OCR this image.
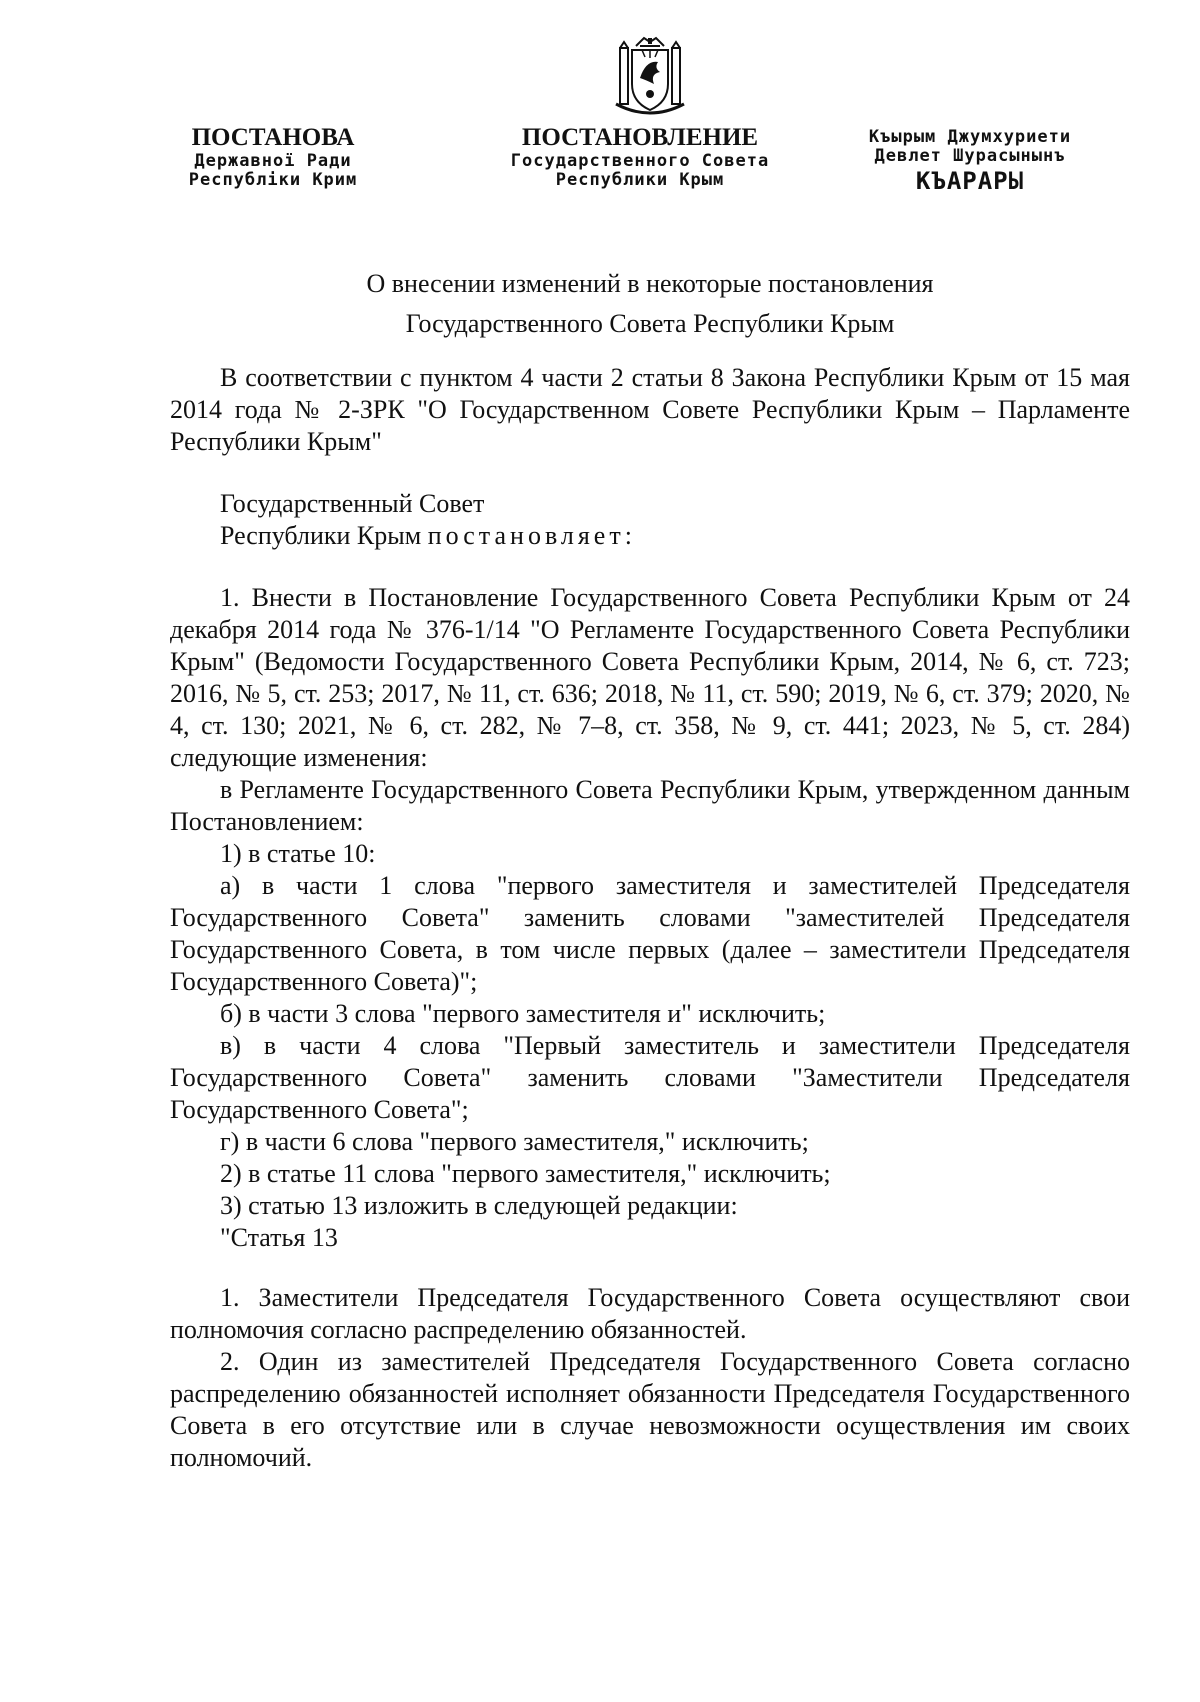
ПОСТАНОВА
Державної Ради
Республіки Крим
ПОСТАНОВЛЕНИЕ
Государственного Совета
Республики Крым
Къырым Джумхуриети
Девлет Шурасынынъ
КЪАРАРЫ
О внесении изменений в некоторые постановления
Государственного Совета Республики Крым

В соответствии с пунктом 4 части 2 статьи 8 Закона Республики Крым от 15 мая 2014 года № 2-ЗРК "О Государственном Совете Республики Крым – Парламенте Республики Крым"

Государственный Совет

Республики Крым постановляет:

1. Внести в Постановление Государственного Совета Республики Крым от 24 декабря 2014 года № 376-1/14 "О Регламенте Государственного Совета Республики Крым" (Ведомости Государственного Совета Республики Крым, 2014, № 6, ст. 723; 2016, № 5, ст. 253; 2017, № 11, ст. 636; 2018, № 11, ст. 590; 2019, № 6, ст. 379; 2020, № 4, ст. 130; 2021, № 6, ст. 282, № 7–8, ст. 358, № 9, ст. 441; 2023, № 5, ст. 284) следующие изменения:

в Регламенте Государственного Совета Республики Крым, утвержденном данным Постановлением:

1) в статье 10:

а) в части 1 слова "первого заместителя и заместителей Председателя Государственного Совета" заменить словами "заместителей Председателя Государственного Совета, в том числе первых (далее – заместители Председателя Государственного Совета)";

б) в части 3 слова "первого заместителя и" исключить;

в) в части 4 слова "Первый заместитель и заместители Председателя Государственного Совета" заменить словами "Заместители Председателя Государственного Совета";

г) в части 6 слова "первого заместителя," исключить;

2) в статье 11 слова "первого заместителя," исключить;

3) статью 13 изложить в следующей редакции:

"Статья 13

1. Заместители Председателя Государственного Совета осуществляют свои полномочия согласно распределению обязанностей.

2. Один из заместителей Председателя Государственного Совета согласно распределению обязанностей исполняет обязанности Председателя Государственного Совета в его отсутствие или в случае невозможности осуществления им своих полномочий.
